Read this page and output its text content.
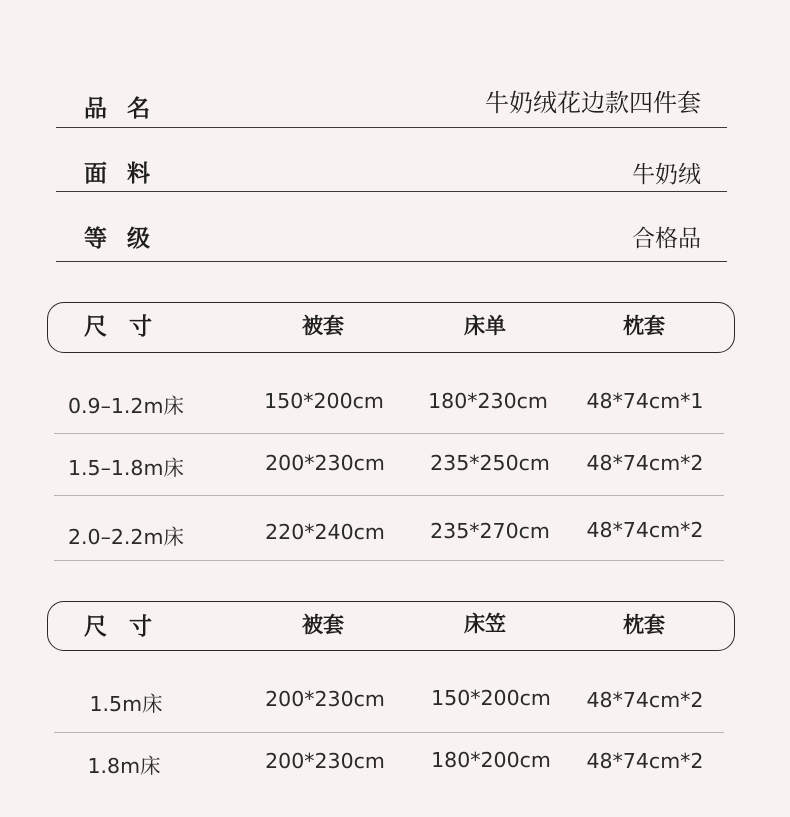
品名	牛奶绒花边款四件套
面料	牛奶绒
等级	合格品
尺寸	被套	床单	枕套
0.9–1.2m床	150*200cm 180*230cm 48*74cm*1
1.5–1.8m床	200*230cm 235*250cm 48*74cm*2
2.0–2.2m床	220*240cm 235*270cm 48*74cm*2
尺寸	被套	床笠	枕套
1.5m床	200*230cm 150*200cm 48*74cm*2
1.8m床	200*230cm 180*200cm 48*74cm*2
